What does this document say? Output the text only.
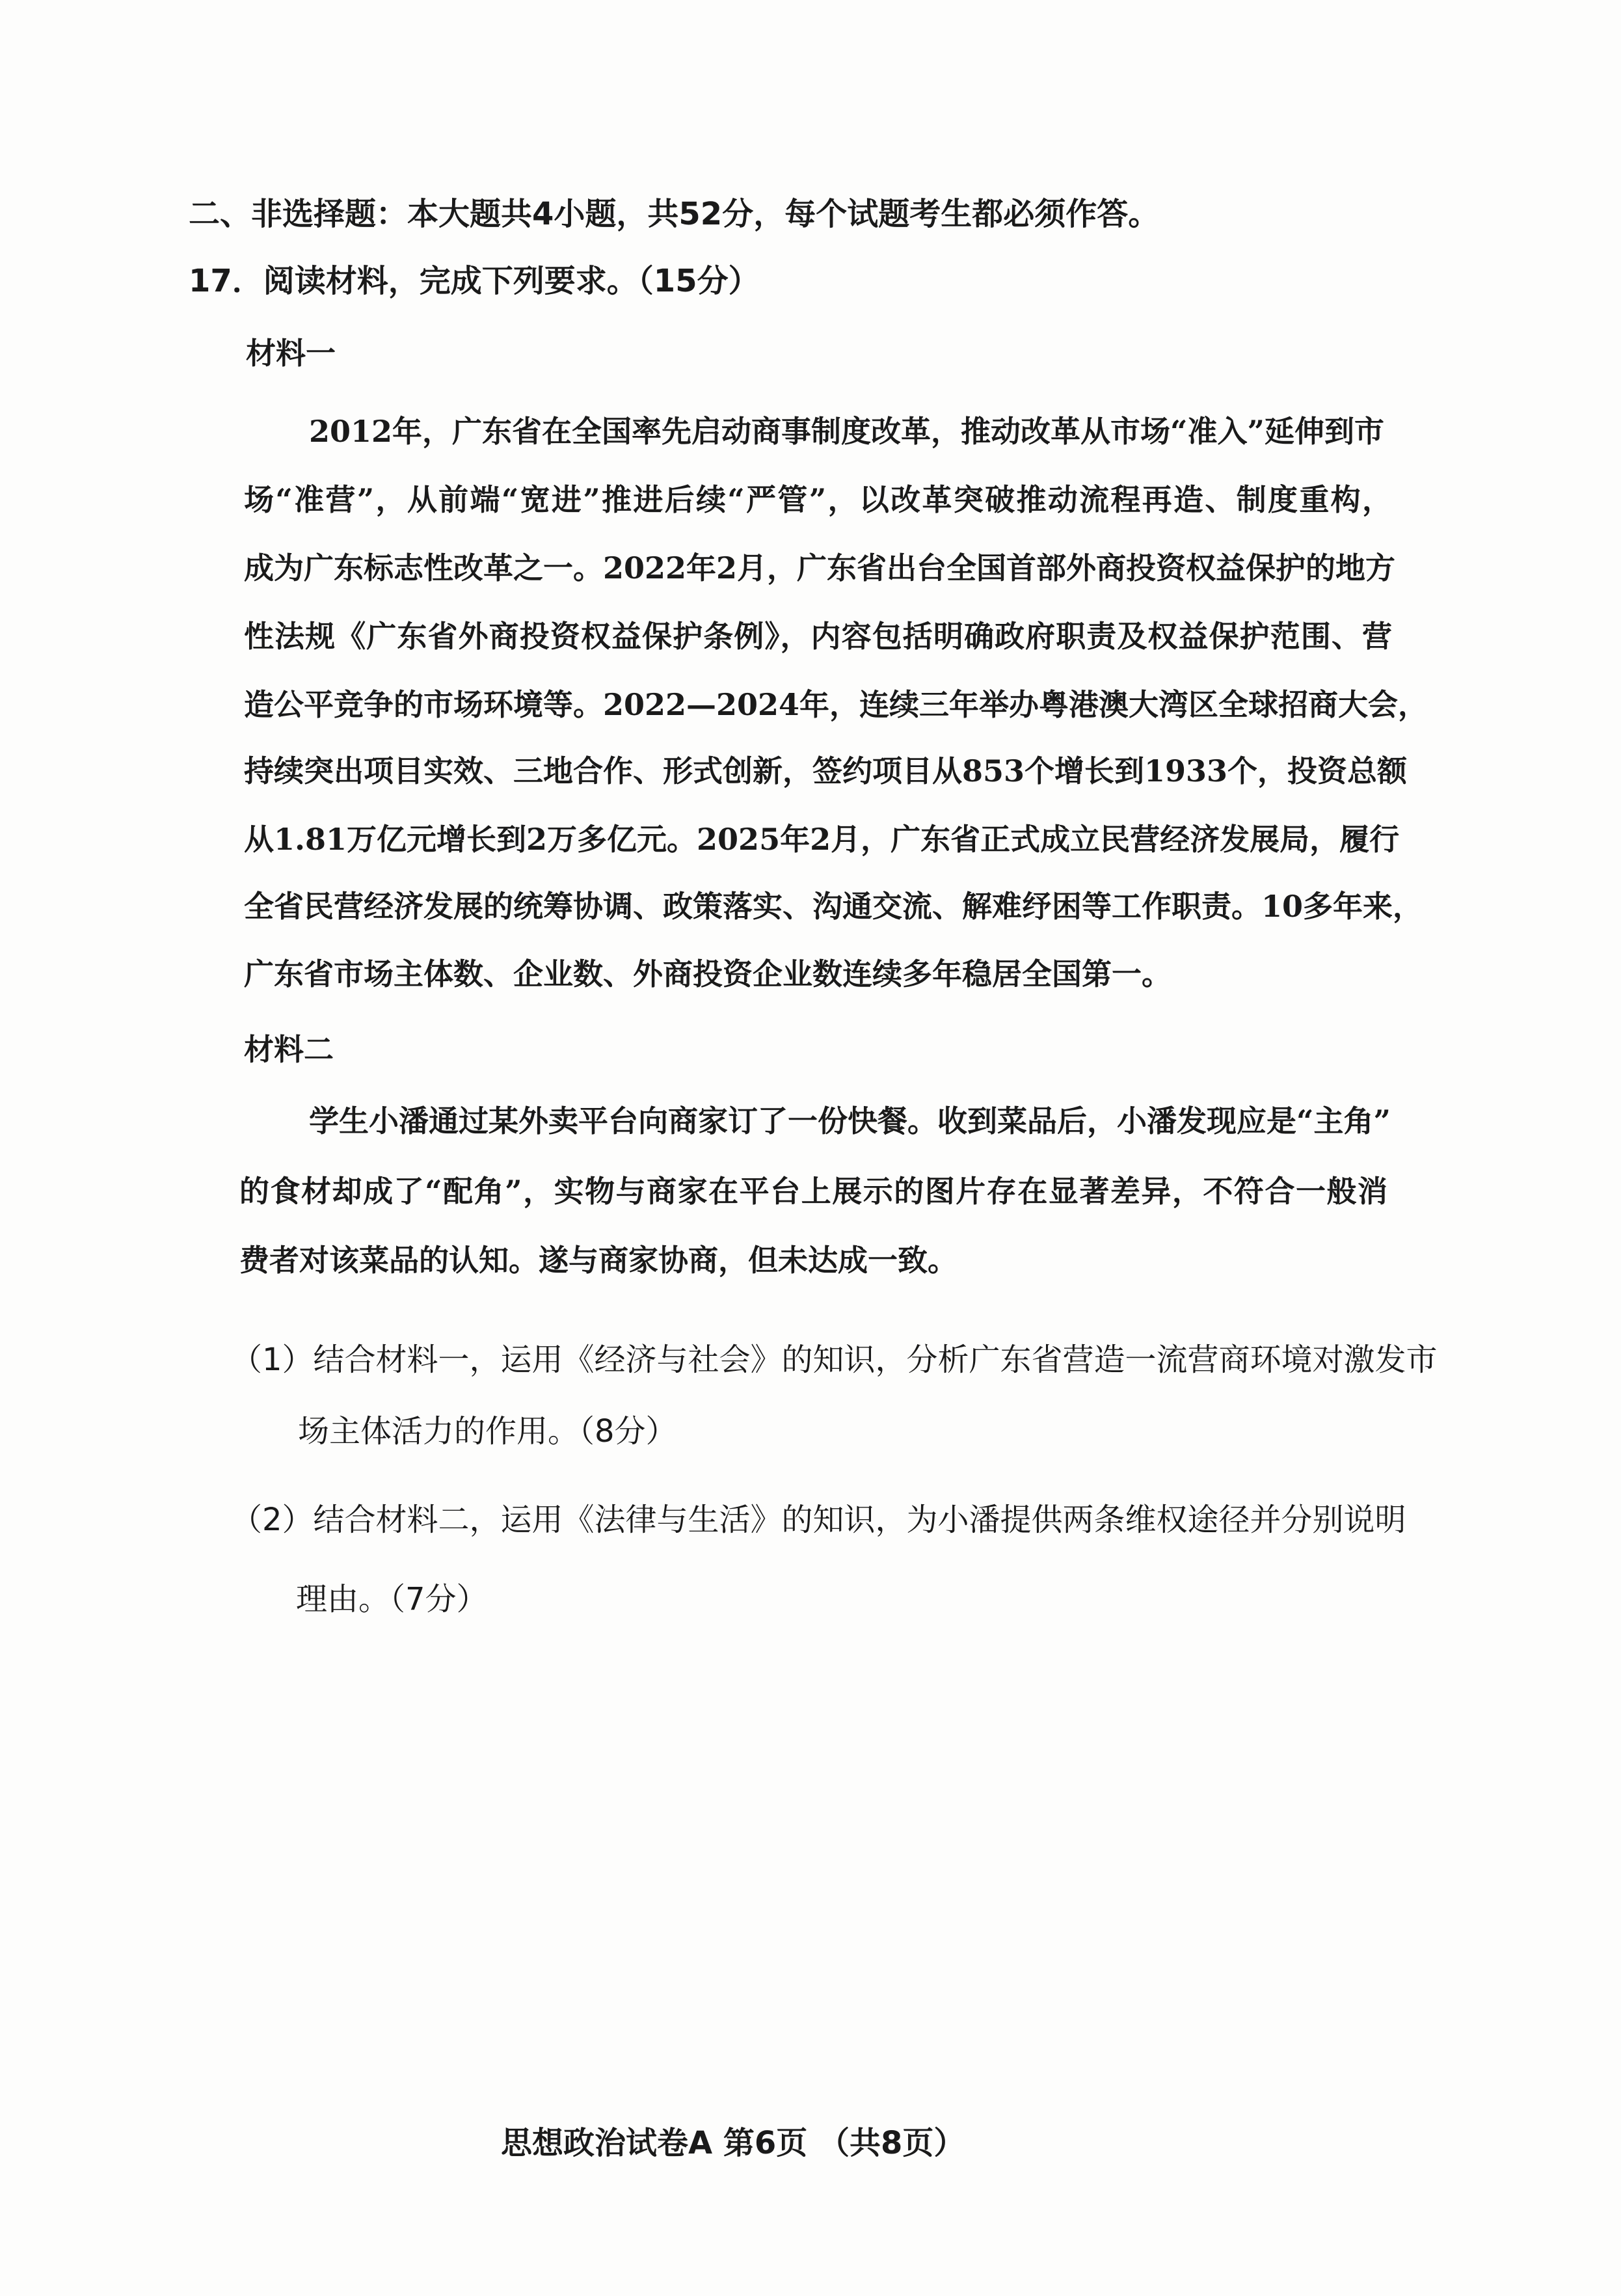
二、非选择题：本大题共4小题，共52分，每个试题考生都必须作答。
17．阅读材料，完成下列要求。（15分）
材料一
2012年，广东省在全国率先启动商事制度改革，推动改革从市场“准入”延伸到市
场“准营”，从前端“宽进”推进后续“严管”，以改革突破推动流程再造、制度重构，
成为广东标志性改革之一。2022年2月，广东省出台全国首部外商投资权益保护的地方
性法规《广东省外商投资权益保护条例》，内容包括明确政府职责及权益保护范围、营
造公平竞争的市场环境等。2022—2024年，连续三年举办粤港澳大湾区全球招商大会，
持续突出项目实效、三地合作、形式创新，签约项目从853个增长到1933个，投资总额
从1.81万亿元增长到2万多亿元。2025年2月，广东省正式成立民营经济发展局，履行
全省民营经济发展的统筹协调、政策落实、沟通交流、解难纾困等工作职责。10多年来，
广东省市场主体数、企业数、外商投资企业数连续多年稳居全国第一。
材料二
学生小潘通过某外卖平台向商家订了一份快餐。收到菜品后，小潘发现应是“主角”
的食材却成了“配角”，实物与商家在平台上展示的图片存在显著差异，不符合一般消
费者对该菜品的认知。遂与商家协商，但未达成一致。
（1）结合材料一，运用《经济与社会》的知识，分析广东省营造一流营商环境对激发市
场主体活力的作用。（8分）
（2）结合材料二，运用《法律与生活》的知识，为小潘提供两条维权途径并分别说明
理由。（7分）
思想政治试卷A 第6页 （共8页）
